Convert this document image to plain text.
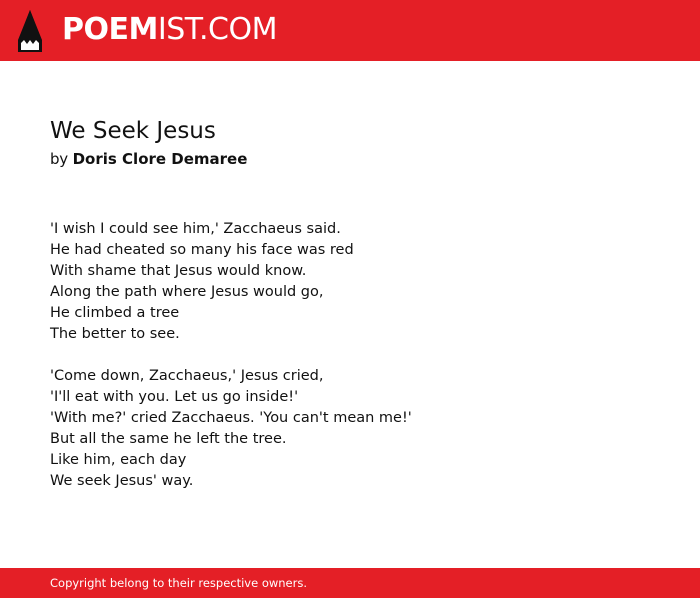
POEMIST.COM
We Seek Jesus
by Doris Clore Demaree
'I wish I could see him,' Zacchaeus said.
He had cheated so many his face was red
With shame that Jesus would know.
Along the path where Jesus would go,
He climbed a tree
The better to see.
'Come down, Zacchaeus,' Jesus cried,
'I'll eat with you. Let us go inside!'
'With me?' cried Zacchaeus. 'You can't mean me!'
But all the same he left the tree.
Like him, each day
We seek Jesus' way.
Copyright belong to their respective owners.
